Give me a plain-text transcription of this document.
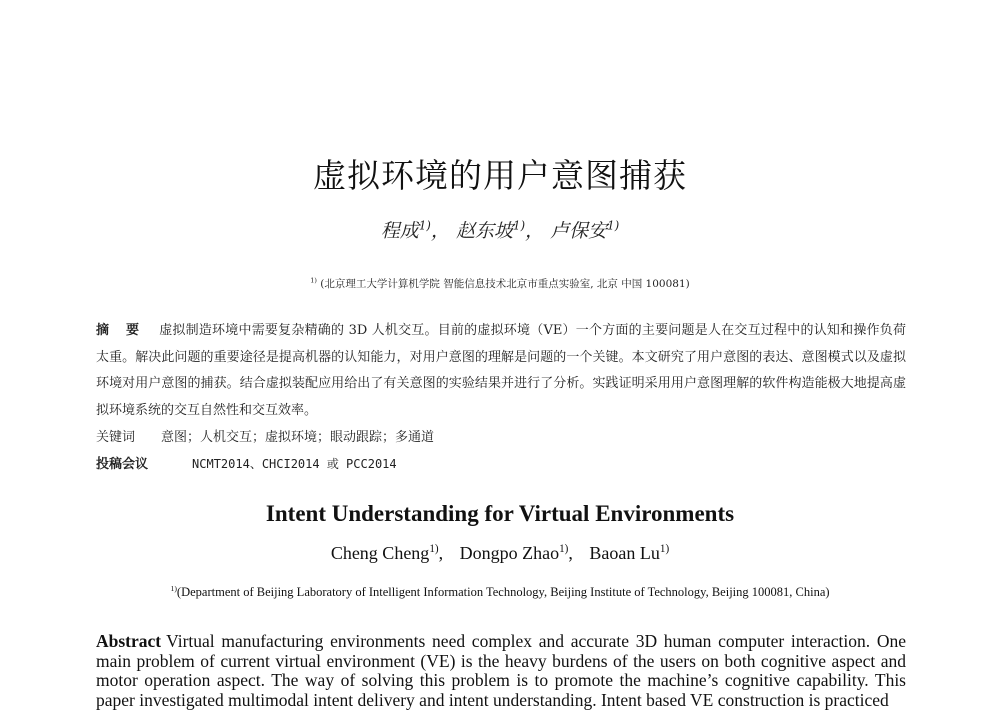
虚拟环境的用户意图捕获
程成$^{1)}$， 赵东坡$^{1)}$， 卢保安$^{1)}$
$^{1)}$ (北京理工大学计算机学院 智能信息技术北京市重点实验室, 北京 中国 100081)
摘 要 虚拟制造环境中需要复杂精确的 3D 人机交互。目前的虚拟环境（VE）一个方面的主要问题是人在交互过程中的认知和操作负荷太重。解决此问题的重要途径是提高机器的认知能力，对用户意图的理解是问题的一个关键。本文研究了用户意图的表达、意图模式以及虚拟环境对用户意图的捕获。结合虚拟装配应用给出了有关意图的实验结果并进行了分析。实践证明采用用户意图理解的软件构造能极大地提高虚拟环境系统的交互自然性和交互效率。
关键词 意图；人机交互；虚拟环境；眼动跟踪；多通道
投稿会议	NCMT2014、CHCI2014 或 PCC2014
Intent Understanding for Virtual Environments
Cheng Cheng$^{1)}$, Dongpo Zhao$^{1)}$, Baoan Lu$^{1)}$
$^{1)}$(Department of Beijing Laboratory of Intelligent Information Technology, Beijing Institute of Technology, Beijing 100081, China)
Abstract Virtual manufacturing environments need complex and accurate 3D human computer interaction. One main problem of current virtual environment (VE) is the heavy burdens of the users on both cognitive aspect and motor operation aspect. The way of solving this problem is to promote the machine’s cognitive capability. This paper investigated multimodal intent delivery and intent understanding. Intent based VE construction is practiced
